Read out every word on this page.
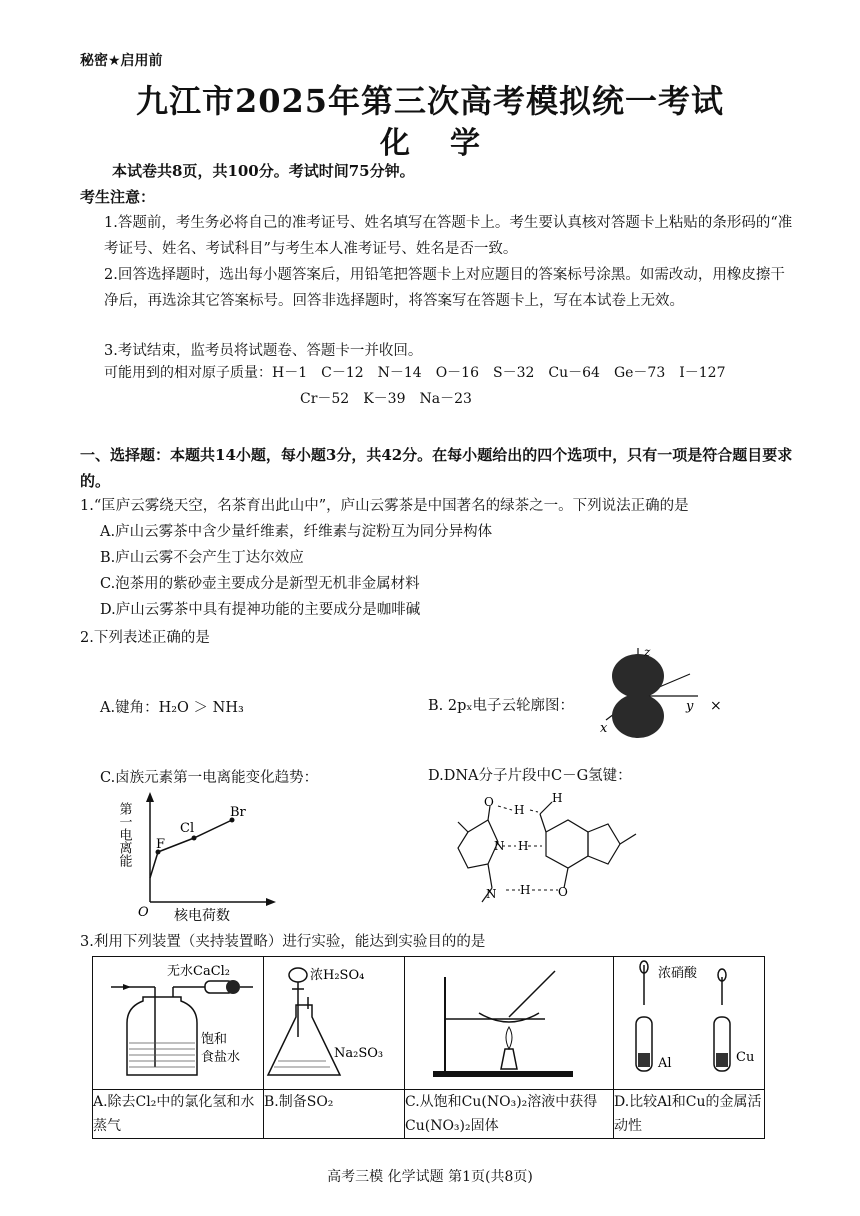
秘密★启用前
九江市2025年第三次高考模拟统一考试
化学
本试卷共8页，共100分。考试时间75分钟。
考生注意：
1.答题前，考生务必将自己的准考证号、姓名填写在答题卡上。考生要认真核对答题卡上粘贴的条形码的“准考证号、姓名、考试科目”与考生本人准考证号、姓名是否一致。
2.回答选择题时，选出每小题答案后，用铅笔把答题卡上对应题目的答案标号涂黑。如需改动，用橡皮擦干净后，再选涂其它答案标号。回答非选择题时，将答案写在答题卡上，写在本试卷上无效。
3.考试结束，监考员将试题卷、答题卡一并收回。
可能用到的相对原子质量：H－1　C－12　N－14　O－16　S－32　Cu－64　Ge－73　I－127
Cr－52　K－39　Na－23
一、选择题：本题共14小题，每小题3分，共42分。在每小题给出的四个选项中，只有一项是符合题目要求的。
1.“匡庐云雾绕天空，名茶育出此山中”，庐山云雾茶是中国著名的绿茶之一。下列说法正确的是
A.庐山云雾茶中含少量纤维素，纤维素与淀粉互为同分异构体
B.庐山云雾不会产生丁达尔效应
C.泡茶用的紫砂壶主要成分是新型无机非金属材料
D.庐山云雾茶中具有提神功能的主要成分是咖啡碱
2.下列表述正确的是
A.键角：H₂O ＞ NH₃	B. 2pₓ电子云轮廓图：
z
y
x
×
C.卤族元素第一电离能变化趋势：	D.DNA分子片段中C－G氢键：
F
Cl
Br
O 核电荷数
第一电离能	O
H
H
H
N
N H O
3.利用下列装置（夹持装置略）进行实验，能达到实验目的的是
无水CaCl₂
饱和
食盐水	浓H₂SO₄
Na₂SO₃		浓硝酸
Al Cu

A.除去Cl₂中的氯化氢和水蒸气	B.制备SO₂	C.从饱和Cu(NO₃)₂溶液中获得Cu(NO₃)₂固体	D.比较Al和Cu的金属活动性
高考三模 化学试题 第1页(共8页)
